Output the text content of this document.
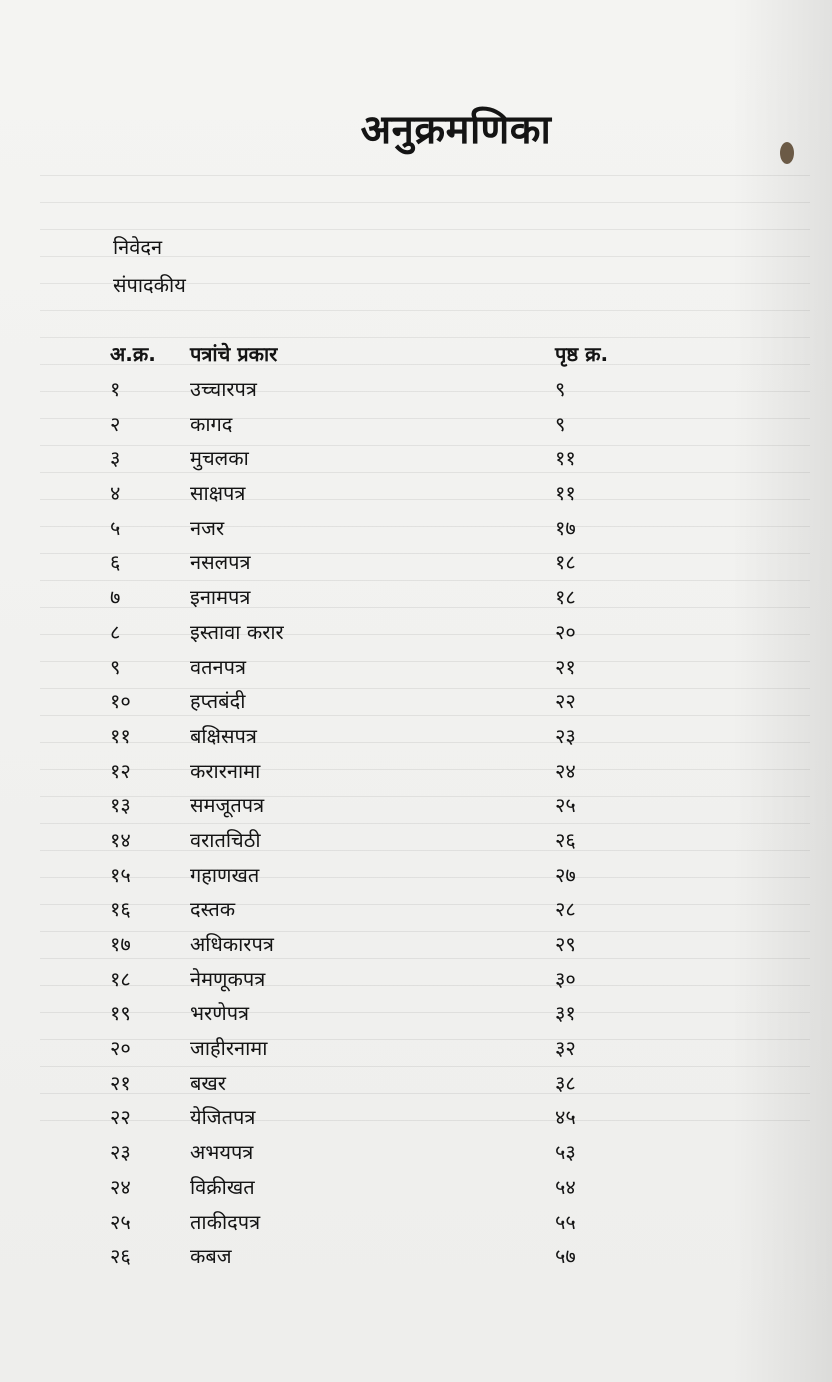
अनुक्रमणिका
निवेदन
संपादकीय
अ.क्र. पत्रांचे प्रकार	पृष्ठ क्र.
१	उच्चारपत्र	९
२	कागद	९
३	मुचलका	११
४	साक्षपत्र	११
५	नजर	१७
६	नसलपत्र	१८
७	इनामपत्र	१८
८	इस्तावा करार	२०
९	वतनपत्र	२१
१०	हप्तबंदी	२२
११	बक्षिसपत्र	२३
१२	करारनामा	२४
१३	समजूतपत्र	२५
१४	वरातचिठी	२६
१५	गहाणखत	२७
१६	दस्तक	२८
१७	अधिकारपत्र	२९
१८	नेमणूकपत्र	३०
१९	भरणेपत्र	३१
२०	जाहीरनामा	३२
२१	बखर	३८
२२	येजितपत्र	४५
२३	अभयपत्र	५३
२४	विक्रीखत	५४
२५	ताकीदपत्र	५५
२६	कबज	५७
